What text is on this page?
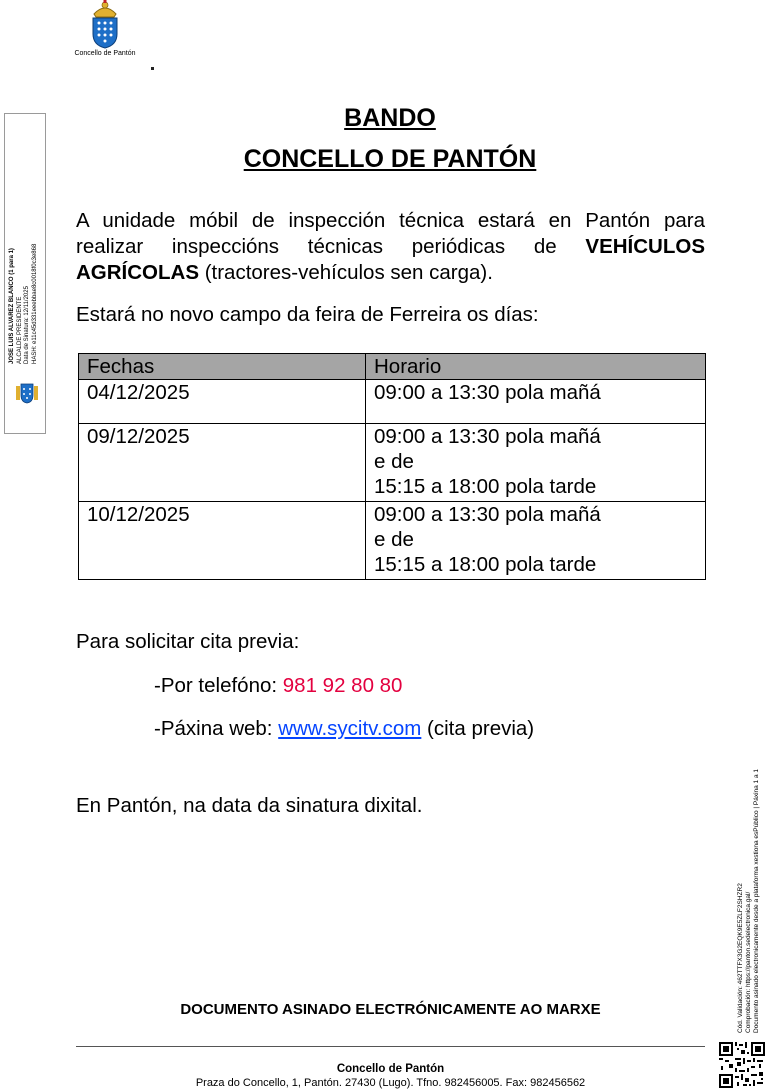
Concello de Pantón
JOSE LUIS ALVAREZ BLANCO (1 para 1) ALCALDE PRESIDENTE Data de Sinatura: 12/11/2025 HASH: e11c45d331eeebbae8c0018f0c3e868
BANDO
CONCELLO DE PANTÓN
A unidade móbil de inspección técnica estará en Pantón para realizar inspeccións técnicas periódicas de VEHÍCULOS AGRÍCOLAS (tractores-vehículos sen carga).
Estará no novo campo da feira de Ferreira os días:
Fechas	Horario
04/12/2025	09:00 a 13:30 pola mañá

09/12/2025	09:00 a 13:30 pola mañá
e de
15:15 a 18:00 pola tarde

10/12/2025	09:00 a 13:30 pola mañá
e de
15:15 a 18:00 pola tarde
Para solicitar cita previa:
-Por telefóno: 981 92 80 80
-Páxina web: www.sycitv.com (cita previa)
En Pantón, na data da sinatura dixital.
DOCUMENTO ASINADO ELECTRÓNICAMENTE AO MARXE
Concello de Pantón
Praza do Concello, 1, Pantón. 27430 (Lugo). Tfno. 982456005. Fax: 982456562
Cód. Validación: 462TTFX3G2EQK9E5ZLF2SHZR2 Comprobación: https://panton.sedelectronica.gal/ Documento asinado electronicamente desde a plataforma xestiona esPúblico | Páxina 1 a 1
